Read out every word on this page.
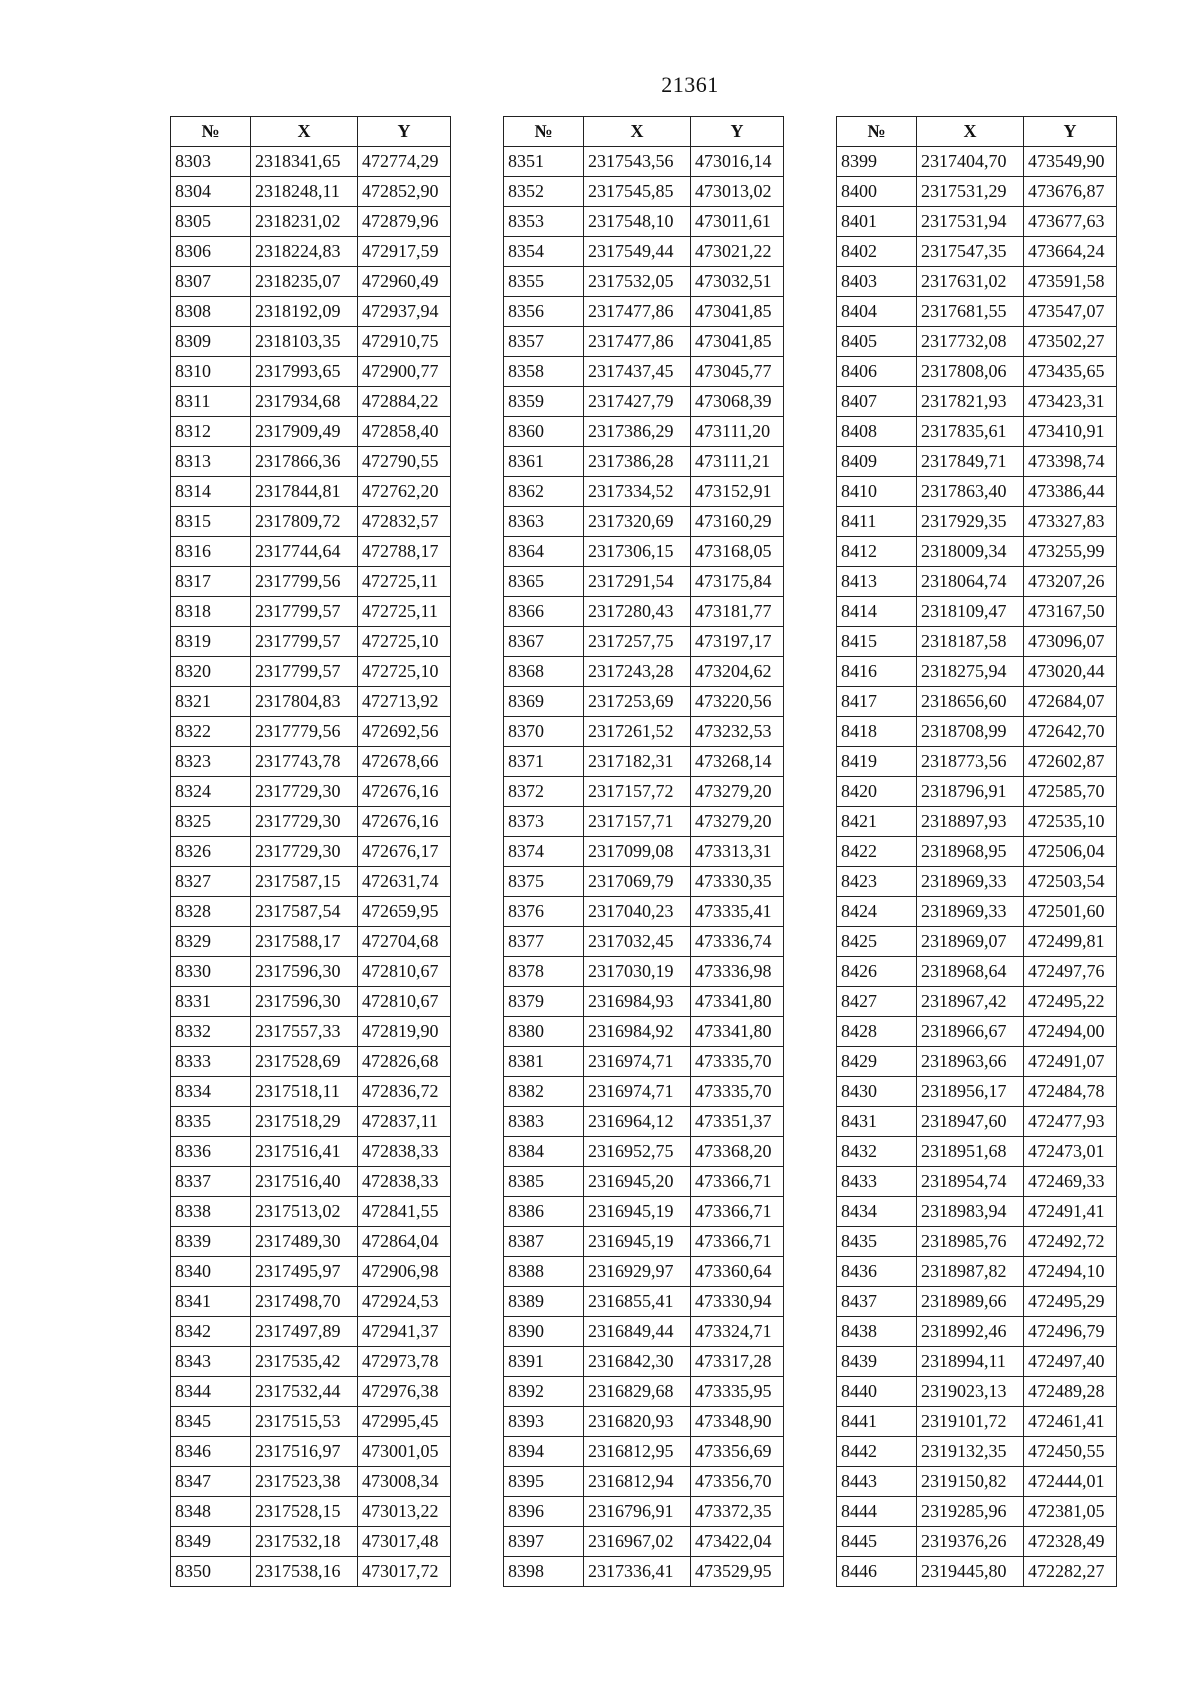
21361
№	X	Y
8303	2318341,65	472774,29
8304	2318248,11	472852,90
8305	2318231,02	472879,96
8306	2318224,83	472917,59
8307	2318235,07	472960,49
8308	2318192,09	472937,94
8309	2318103,35	472910,75
8310	2317993,65	472900,77
8311	2317934,68	472884,22
8312	2317909,49	472858,40
8313	2317866,36	472790,55
8314	2317844,81	472762,20
8315	2317809,72	472832,57
8316	2317744,64	472788,17
8317	2317799,56	472725,11
8318	2317799,57	472725,11
8319	2317799,57	472725,10
8320	2317799,57	472725,10
8321	2317804,83	472713,92
8322	2317779,56	472692,56
8323	2317743,78	472678,66
8324	2317729,30	472676,16
8325	2317729,30	472676,16
8326	2317729,30	472676,17
8327	2317587,15	472631,74
8328	2317587,54	472659,95
8329	2317588,17	472704,68
8330	2317596,30	472810,67
8331	2317596,30	472810,67
8332	2317557,33	472819,90
8333	2317528,69	472826,68
8334	2317518,11	472836,72
8335	2317518,29	472837,11
8336	2317516,41	472838,33
8337	2317516,40	472838,33
8338	2317513,02	472841,55
8339	2317489,30	472864,04
8340	2317495,97	472906,98
8341	2317498,70	472924,53
8342	2317497,89	472941,37
8343	2317535,42	472973,78
8344	2317532,44	472976,38
8345	2317515,53	472995,45
8346	2317516,97	473001,05
8347	2317523,38	473008,34
8348	2317528,15	473013,22
8349	2317532,18	473017,48
8350	2317538,16	473017,72
№	X	Y
8351	2317543,56	473016,14
8352	2317545,85	473013,02
8353	2317548,10	473011,61
8354	2317549,44	473021,22
8355	2317532,05	473032,51
8356	2317477,86	473041,85
8357	2317477,86	473041,85
8358	2317437,45	473045,77
8359	2317427,79	473068,39
8360	2317386,29	473111,20
8361	2317386,28	473111,21
8362	2317334,52	473152,91
8363	2317320,69	473160,29
8364	2317306,15	473168,05
8365	2317291,54	473175,84
8366	2317280,43	473181,77
8367	2317257,75	473197,17
8368	2317243,28	473204,62
8369	2317253,69	473220,56
8370	2317261,52	473232,53
8371	2317182,31	473268,14
8372	2317157,72	473279,20
8373	2317157,71	473279,20
8374	2317099,08	473313,31
8375	2317069,79	473330,35
8376	2317040,23	473335,41
8377	2317032,45	473336,74
8378	2317030,19	473336,98
8379	2316984,93	473341,80
8380	2316984,92	473341,80
8381	2316974,71	473335,70
8382	2316974,71	473335,70
8383	2316964,12	473351,37
8384	2316952,75	473368,20
8385	2316945,20	473366,71
8386	2316945,19	473366,71
8387	2316945,19	473366,71
8388	2316929,97	473360,64
8389	2316855,41	473330,94
8390	2316849,44	473324,71
8391	2316842,30	473317,28
8392	2316829,68	473335,95
8393	2316820,93	473348,90
8394	2316812,95	473356,69
8395	2316812,94	473356,70
8396	2316796,91	473372,35
8397	2316967,02	473422,04
8398	2317336,41	473529,95
№	X	Y
8399	2317404,70	473549,90
8400	2317531,29	473676,87
8401	2317531,94	473677,63
8402	2317547,35	473664,24
8403	2317631,02	473591,58
8404	2317681,55	473547,07
8405	2317732,08	473502,27
8406	2317808,06	473435,65
8407	2317821,93	473423,31
8408	2317835,61	473410,91
8409	2317849,71	473398,74
8410	2317863,40	473386,44
8411	2317929,35	473327,83
8412	2318009,34	473255,99
8413	2318064,74	473207,26
8414	2318109,47	473167,50
8415	2318187,58	473096,07
8416	2318275,94	473020,44
8417	2318656,60	472684,07
8418	2318708,99	472642,70
8419	2318773,56	472602,87
8420	2318796,91	472585,70
8421	2318897,93	472535,10
8422	2318968,95	472506,04
8423	2318969,33	472503,54
8424	2318969,33	472501,60
8425	2318969,07	472499,81
8426	2318968,64	472497,76
8427	2318967,42	472495,22
8428	2318966,67	472494,00
8429	2318963,66	472491,07
8430	2318956,17	472484,78
8431	2318947,60	472477,93
8432	2318951,68	472473,01
8433	2318954,74	472469,33
8434	2318983,94	472491,41
8435	2318985,76	472492,72
8436	2318987,82	472494,10
8437	2318989,66	472495,29
8438	2318992,46	472496,79
8439	2318994,11	472497,40
8440	2319023,13	472489,28
8441	2319101,72	472461,41
8442	2319132,35	472450,55
8443	2319150,82	472444,01
8444	2319285,96	472381,05
8445	2319376,26	472328,49
8446	2319445,80	472282,27
